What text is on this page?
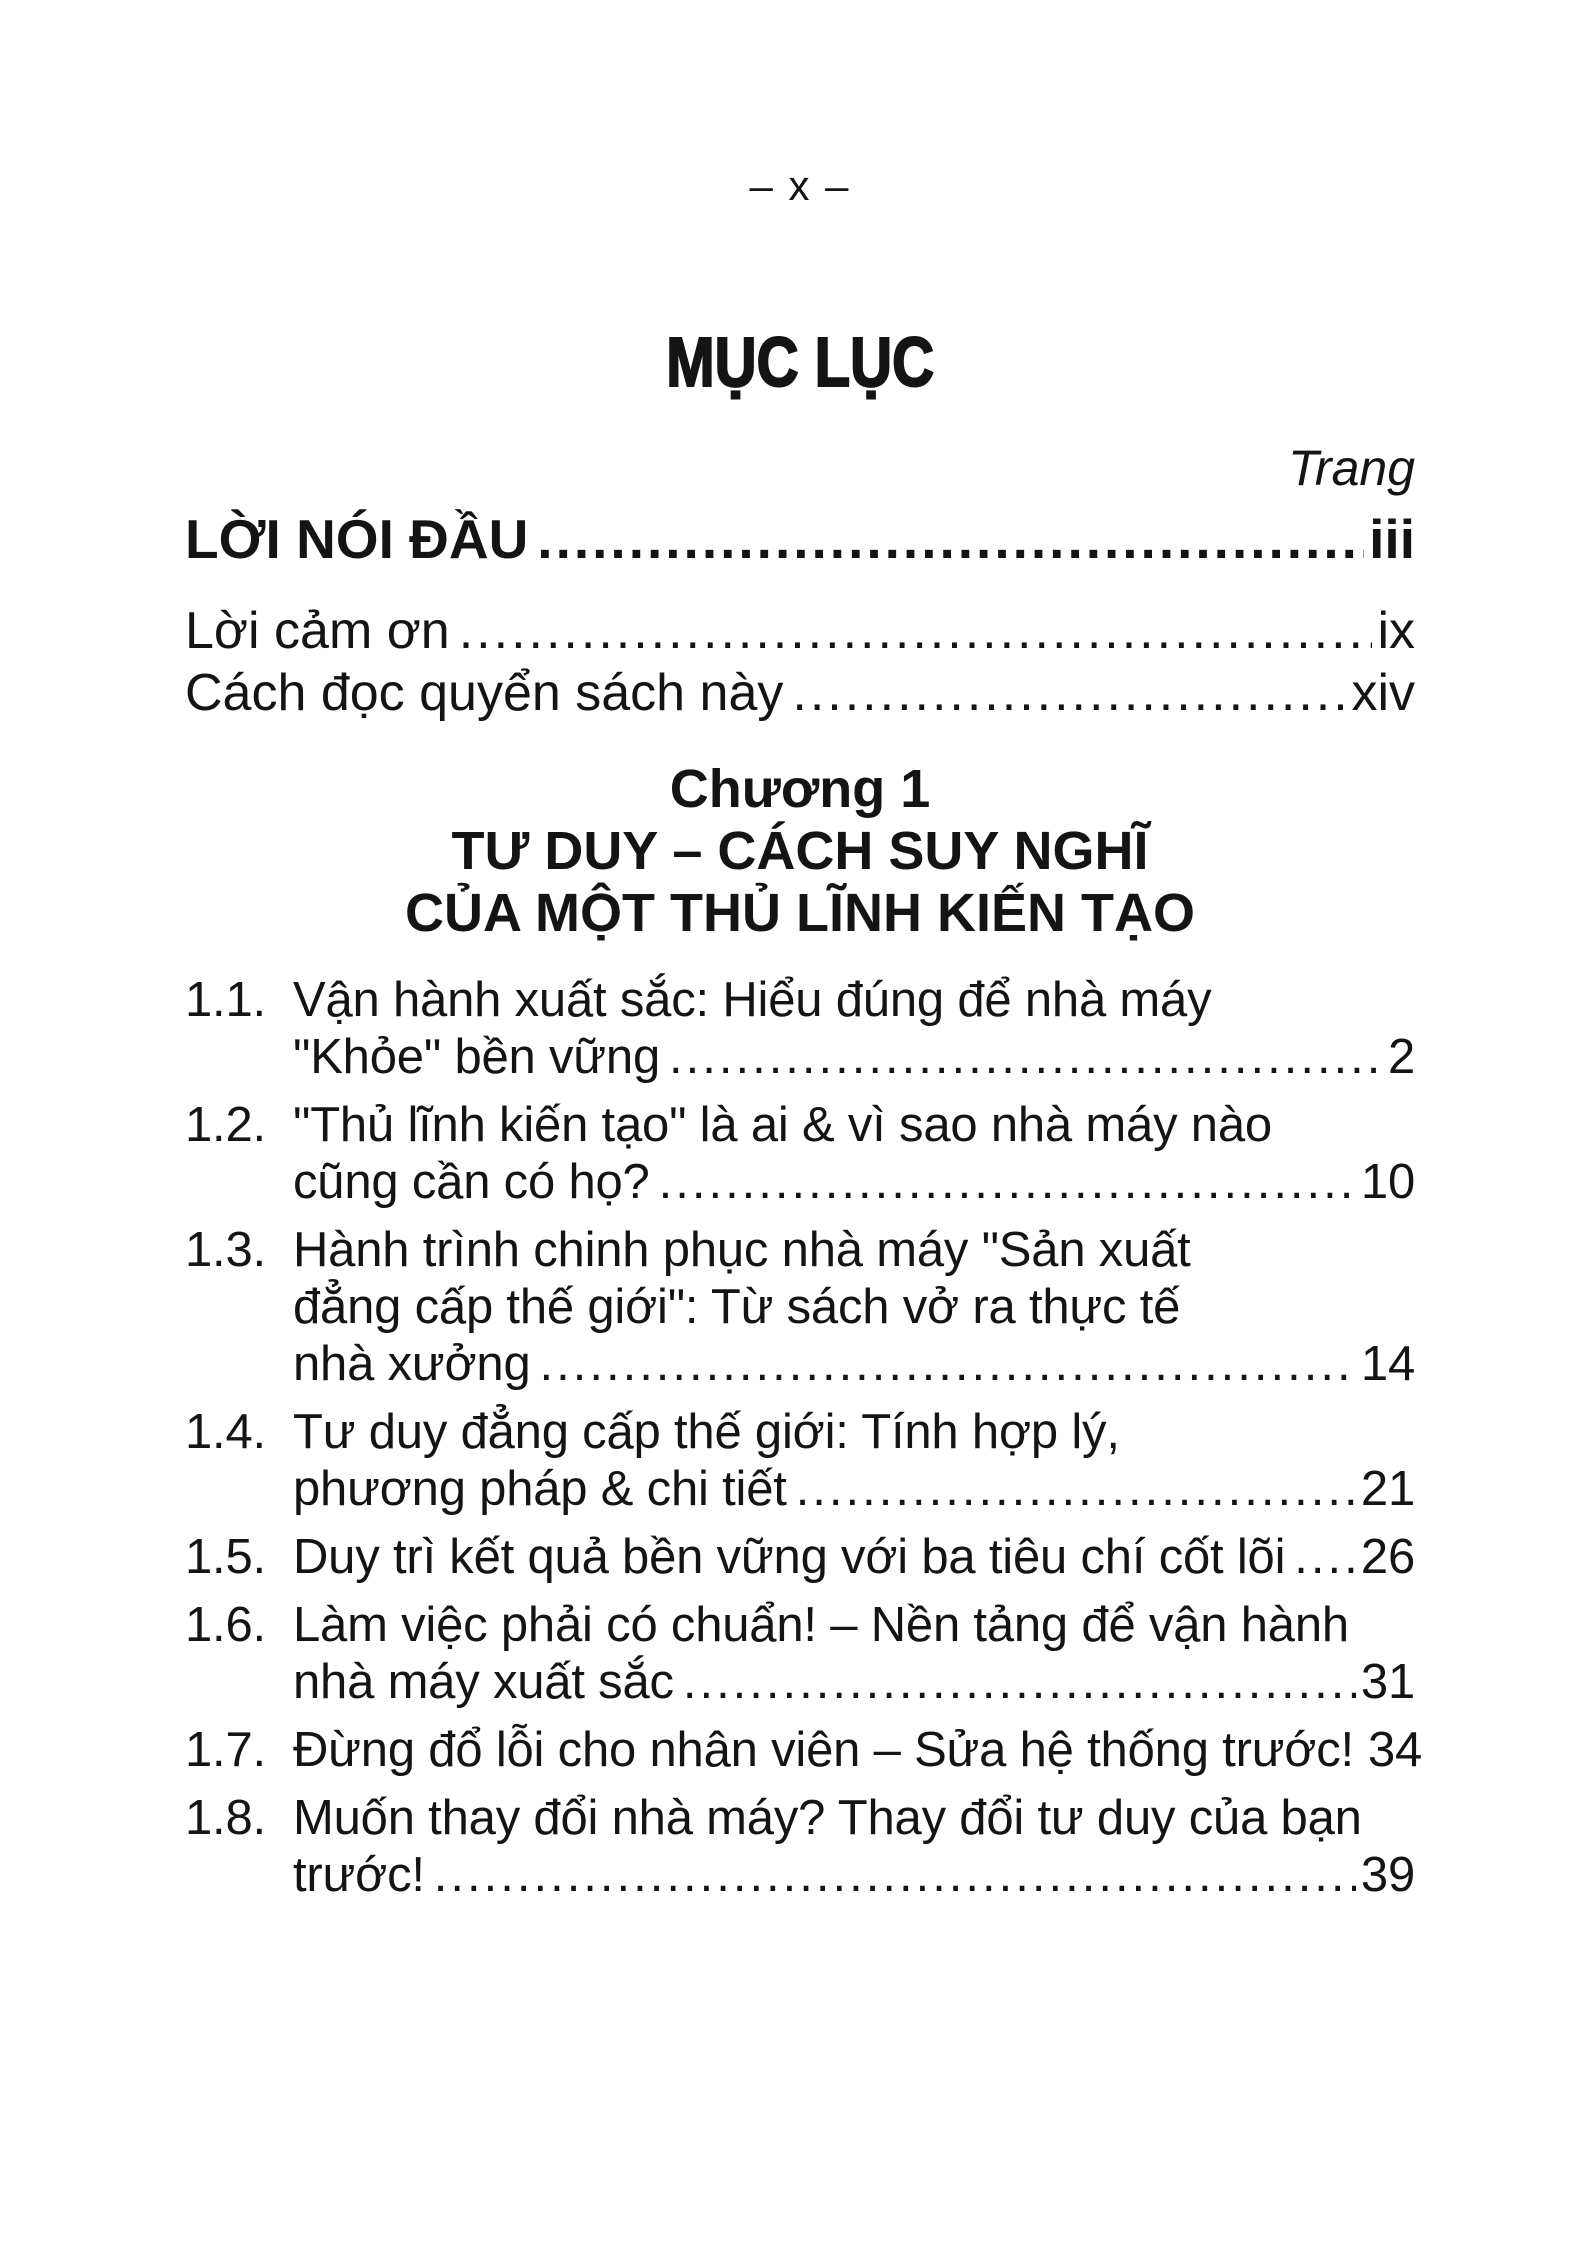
– x –
MỤC LỤC
Trang
LỜI NÓI ĐẦU .....	iii
Lời cảm ơn .....	ix
Cách đọc quyển sách này .....	xiv
Chương 1
TƯ DUY – CÁCH SUY NGHĨ
CỦA MỘT THỦ LĨNH KIẾN TẠO
1.1. Vận hành xuất sắc: Hiểu đúng để nhà máy
"Khỏe" bền vững .....	2
1.2. "Thủ lĩnh kiến tạo" là ai & vì sao nhà máy nào
cũng cần có họ? .....	10
1.3. Hành trình chinh phục nhà máy "Sản xuất
đẳng cấp thế giới": Từ sách vở ra thực tế
nhà xưởng .....	14
1.4. Tư duy đẳng cấp thế giới: Tính hợp lý,
phương pháp & chi tiết .....	21
1.5. Duy trì kết quả bền vững với ba tiêu chí cốt lõi ..... 26
1.6. Làm việc phải có chuẩn! – Nền tảng để vận hành
nhà máy xuất sắc .....	31
1.7. Đừng đổ lỗi cho nhân viên – Sửa hệ thống trước! 34
1.8. Muốn thay đổi nhà máy? Thay đổi tư duy của bạn
trước! .....	39
